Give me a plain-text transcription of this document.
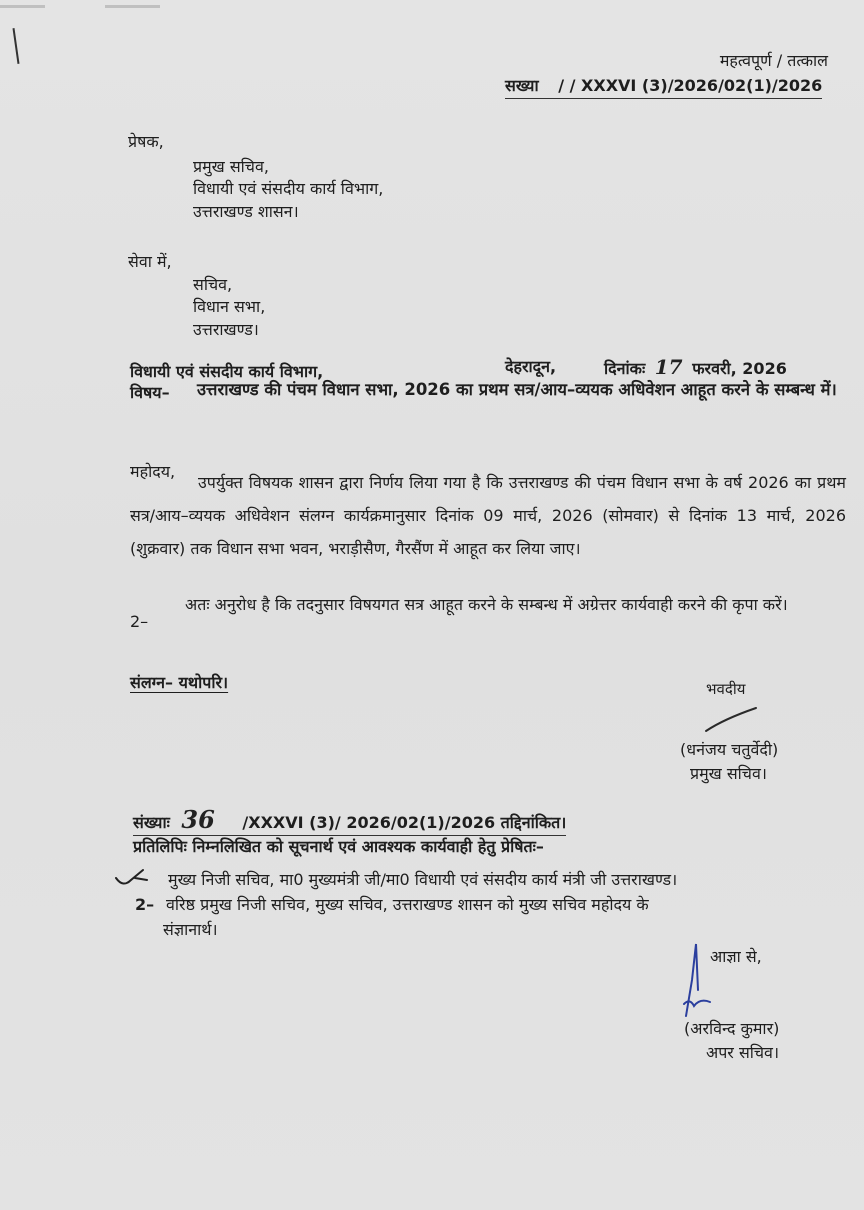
महत्वपूर्ण / तत्काल
सख्या / / XXXVI (3)/2026/02(1)/2026
प्रेषक,
प्रमुख सचिव,
विधायी एवं संसदीय कार्य विभाग,
उत्तराखण्ड शासन।
सेवा में,
सचिव,
विधान सभा,
उत्तराखण्ड।
विधायी एवं संसदीय कार्य विभाग,	देहरादून,	दिनांकः 17 फरवरी, 2026
विषय– उत्तराखण्ड की पंचम विधान सभा, 2026 का प्रथम सत्र/आय–व्ययक अधिवेशन आहूत करने के सम्बन्ध में।
महोदय,
उपर्युक्त विषयक शासन द्वारा निर्णय लिया गया है कि उत्तराखण्ड की पंचम विधान सभा के वर्ष 2026 का प्रथम सत्र/आय–व्ययक अधिवेशन संलग्न कार्यक्रमानुसार दिनांक 09 मार्च, 2026 (सोमवार) से दिनांक 13 मार्च, 2026 (शुक्रवार) तक विधान सभा भवन, भराड़ीसैण, गैरसैंण में आहूत कर लिया जाए।
2–
अतः अनुरोध है कि तदनुसार विषयगत सत्र आहूत करने के सम्बन्ध में अग्रेत्तर कार्यवाही करने की कृपा करें।
संलग्न– यथोपरि।	भवदीय
(धनंजय चतुर्वेदी)
प्रमुख सचिव।
संख्याः 36 /XXXVI (3)/ 2026/02(1)/2026 तद्दिनांकित।
प्रतिलिपिः निम्नलिखित को सूचनार्थ एवं आवश्यक कार्यवाही हेतु प्रेषितः–
मुख्य निजी सचिव, मा0 मुख्यमंत्री जी/मा0 विधायी एवं संसदीय कार्य मंत्री जी उत्तराखण्ड।
2– वरिष्ठ प्रमुख निजी सचिव, मुख्य सचिव, उत्तराखण्ड शासन को मुख्य सचिव महोदय के
संज्ञानार्थ।
आज्ञा से,
(अरविन्द कुमार)
अपर सचिव।
